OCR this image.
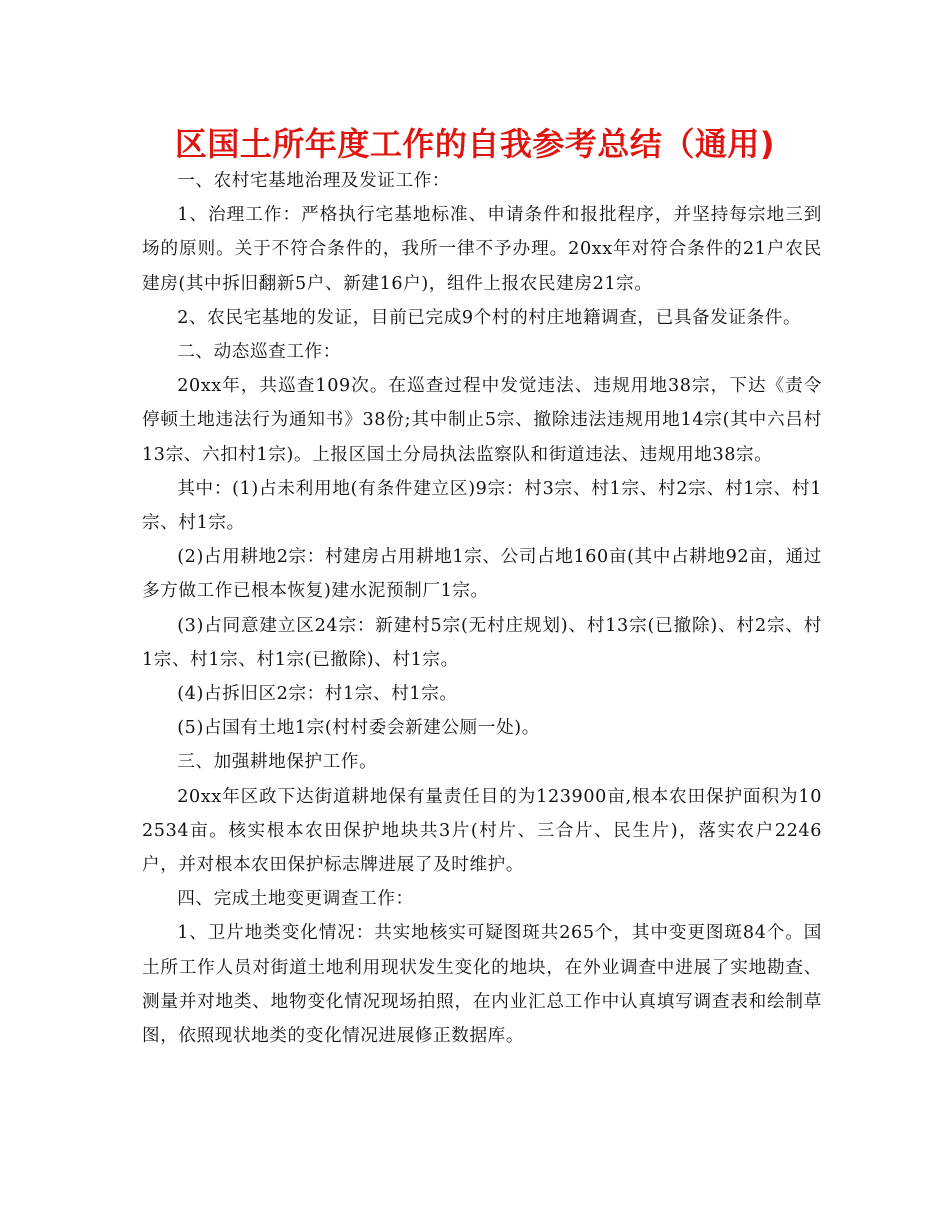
区国土所年度工作的自我参考总结（通用)

一、农村宅基地治理及发证工作：

1、治理工作：严格执行宅基地标准、申请条件和报批程序，并坚持每宗地三到场的原则。关于不符合条件的，我所一律不予办理。20xx年对符合条件的21户农民建房(其中拆旧翻新5户、新建16户)，组件上报农民建房21宗。

2、农民宅基地的发证，目前已完成9个村的村庄地籍调查，已具备发证条件。

二、动态巡查工作：

20xx年，共巡查109次。在巡查过程中发觉违法、违规用地38宗，下达《责令停顿土地违法行为通知书》38份;其中制止5宗、撤除违法违规用地14宗(其中六吕村13宗、六扣村1宗)。上报区国土分局执法监察队和街道违法、违规用地38宗。

其中：(1)占未利用地(有条件建立区)9宗：村3宗、村1宗、村2宗、村1宗、村1宗、村1宗。

(2)占用耕地2宗：村建房占用耕地1宗、公司占地160亩(其中占耕地92亩，通过多方做工作已根本恢复)建水泥预制厂1宗。

(3)占同意建立区24宗：新建村5宗(无村庄规划)、村13宗(已撤除)、村2宗、村1宗、村1宗、村1宗(已撤除)、村1宗。

(4)占拆旧区2宗：村1宗、村1宗。

(5)占国有土地1宗(村村委会新建公厕一处)。

三、加强耕地保护工作。

20xx年区政下达街道耕地保有量责任目的为123900亩,根本农田保护面积为102534亩。核实根本农田保护地块共3片(村片、三合片、民生片)，落实农户2246户，并对根本农田保护标志牌进展了及时维护。

四、完成土地变更调查工作：

1、卫片地类变化情况：共实地核实可疑图斑共265个，其中变更图斑84个。国土所工作人员对街道土地利用现状发生变化的地块，在外业调查中进展了实地勘查、测量并对地类、地物变化情况现场拍照，在内业汇总工作中认真填写调查表和绘制草图，依照现状地类的变化情况进展修正数据库。
